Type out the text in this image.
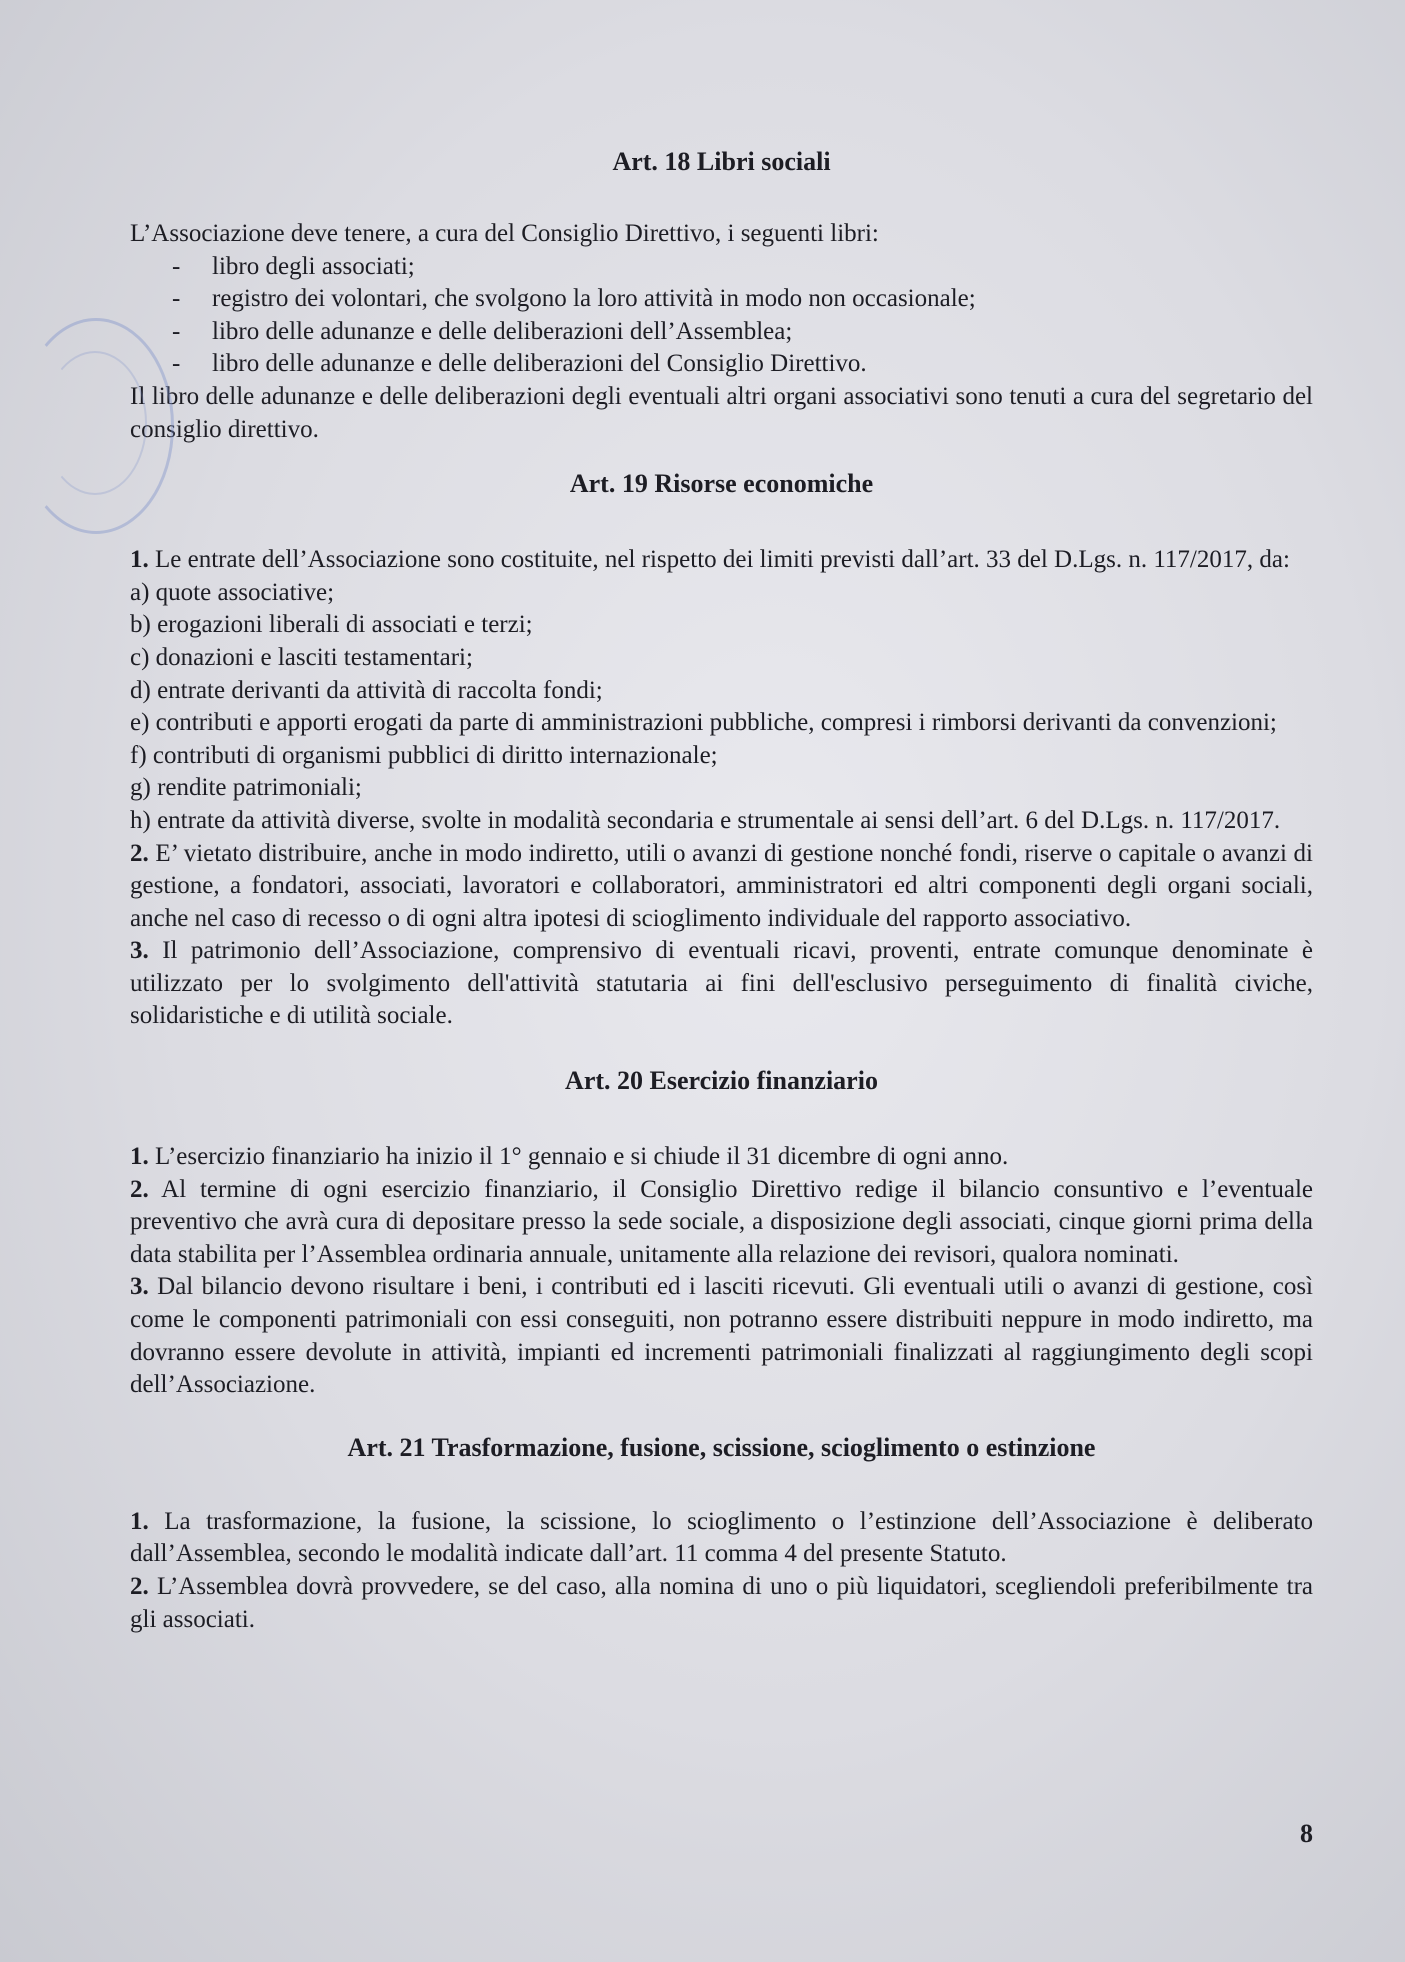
Art. 18 Libri sociali

L’Associazione deve tenere, a cura del Consiglio Direttivo, i seguenti libri:

- libro degli associati;
- registro dei volontari, che svolgono la loro attività in modo non occasionale;
- libro delle adunanze e delle deliberazioni dell’Assemblea;
- libro delle adunanze e delle deliberazioni del Consiglio Direttivo.

Il libro delle adunanze e delle deliberazioni degli eventuali altri organi associativi sono tenuti a cura del segretario del consiglio direttivo.

Art. 19 Risorse economiche

1. Le entrate dell’Associazione sono costituite, nel rispetto dei limiti previsti dall’art. 33 del D.Lgs. n. 117/2017, da:

a) quote associative;

b) erogazioni liberali di associati e terzi;

c) donazioni e lasciti testamentari;

d) entrate derivanti da attività di raccolta fondi;

e) contributi e apporti erogati da parte di amministrazioni pubbliche, compresi i rimborsi derivanti da convenzioni;

f) contributi di organismi pubblici di diritto internazionale;

g) rendite patrimoniali;

h) entrate da attività diverse, svolte in modalità secondaria e strumentale ai sensi dell’art. 6 del D.Lgs. n. 117/2017.

2. E’ vietato distribuire, anche in modo indiretto, utili o avanzi di gestione nonché fondi, riserve o capitale o avanzi di gestione, a fondatori, associati, lavoratori e collaboratori, amministratori ed altri componenti degli organi sociali, anche nel caso di recesso o di ogni altra ipotesi di scioglimento individuale del rapporto associativo.

3. Il patrimonio dell’Associazione, comprensivo di eventuali ricavi, proventi, entrate comunque denominate è utilizzato per lo svolgimento dell'attività statutaria ai fini dell'esclusivo perseguimento di finalità civiche, solidaristiche e di utilità sociale.

Art. 20 Esercizio finanziario

1. L’esercizio finanziario ha inizio il 1° gennaio e si chiude il 31 dicembre di ogni anno.

2. Al termine di ogni esercizio finanziario, il Consiglio Direttivo redige il bilancio consuntivo e l’eventuale preventivo che avrà cura di depositare presso la sede sociale, a disposizione degli associati, cinque giorni prima della data stabilita per l’Assemblea ordinaria annuale, unitamente alla relazione dei revisori, qualora nominati.

3. Dal bilancio devono risultare i beni, i contributi ed i lasciti ricevuti. Gli eventuali utili o avanzi di gestione, così come le componenti patrimoniali con essi conseguiti, non potranno essere distribuiti neppure in modo indiretto, ma dovranno essere devolute in attività, impianti ed incrementi patrimoniali finalizzati al raggiungimento degli scopi dell’Associazione.

Art. 21 Trasformazione, fusione, scissione, scioglimento o estinzione

1. La trasformazione, la fusione, la scissione, lo scioglimento o l’estinzione dell’Associazione è deliberato dall’Assemblea, secondo le modalità indicate dall’art. 11 comma 4 del presente Statuto.

2. L’Assemblea dovrà provvedere, se del caso, alla nomina di uno o più liquidatori, scegliendoli preferibilmente tra gli associati.

8
